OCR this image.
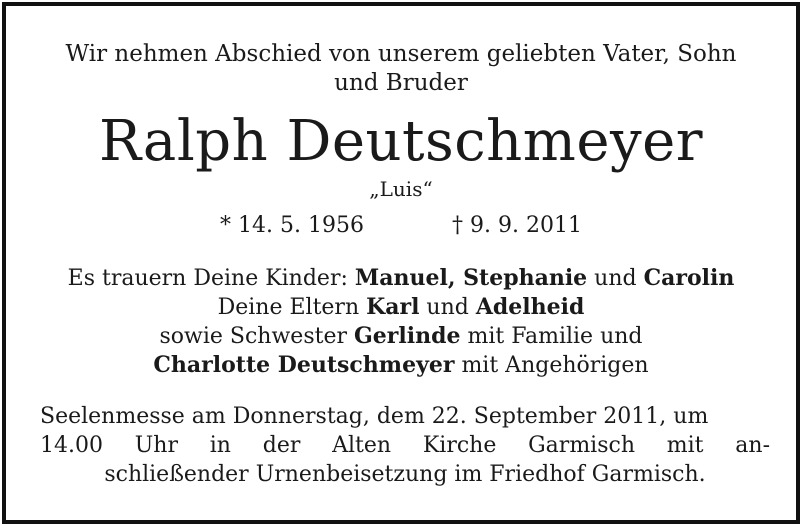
Wir nehmen Abschied von unserem geliebten Vater, Sohn
und Bruder
Ralph Deutschmeyer
„Luis“
* 14. 5. 1956	† 9. 9. 2011
Es trauern Deine Kinder: Manuel, Stephanie und Carolin
Deine Eltern Karl und Adelheid
sowie Schwester Gerlinde mit Familie und
Charlotte Deutschmeyer mit Angehörigen
Seelenmesse am Donnerstag, dem 22. September 2011, um
14.00 Uhr in der Alten Kirche Garmisch mit an-
schließender Urnenbeisetzung im Friedhof Garmisch.
